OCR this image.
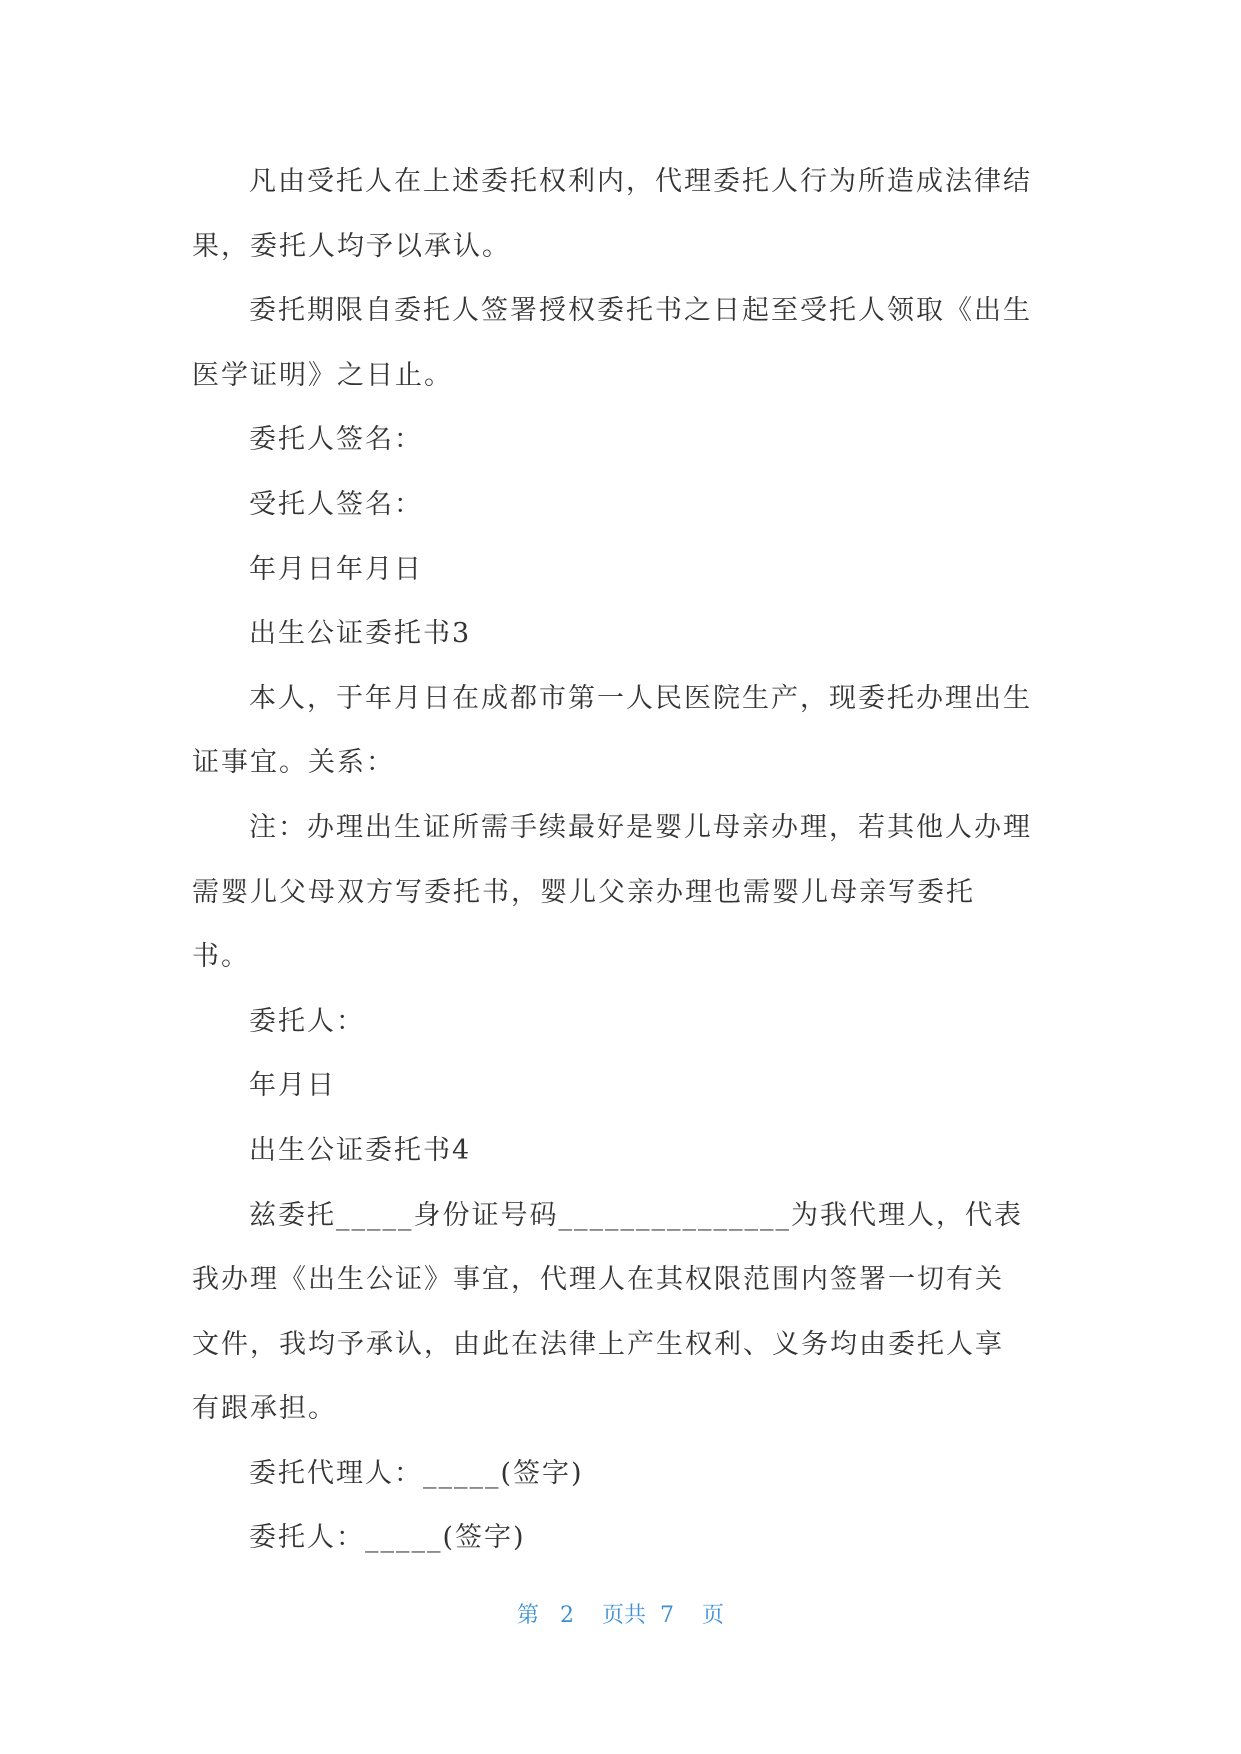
凡由受托人在上述委托权利内，代理委托人行为所造成法律结果，委托人均予以承认。

委托期限自委托人签署授权委托书之日起至受托人领取《出生医学证明》之日止。

委托人签名：

受托人签名：

年月日年月日

出生公证委托书3

本人，于年月日在成都市第一人民医院生产，现委托办理出生证事宜。关系：

注：办理出生证所需手续最好是婴儿母亲办理，若其他人办理需婴儿父母双方写委托书，婴儿父亲办理也需婴儿母亲写委托书。

委托人：

年月日

出生公证委托书4

兹委托_____身份证号码_______________为我代理人，代表我办理《出生公证》事宜，代理人在其权限范围内签署一切有关文件，我均予承认，由此在法律上产生权利、义务均由委托人享有跟承担。

委托代理人：_____(签字)

委托人：_____(签字)

第 2 页共 7 页
